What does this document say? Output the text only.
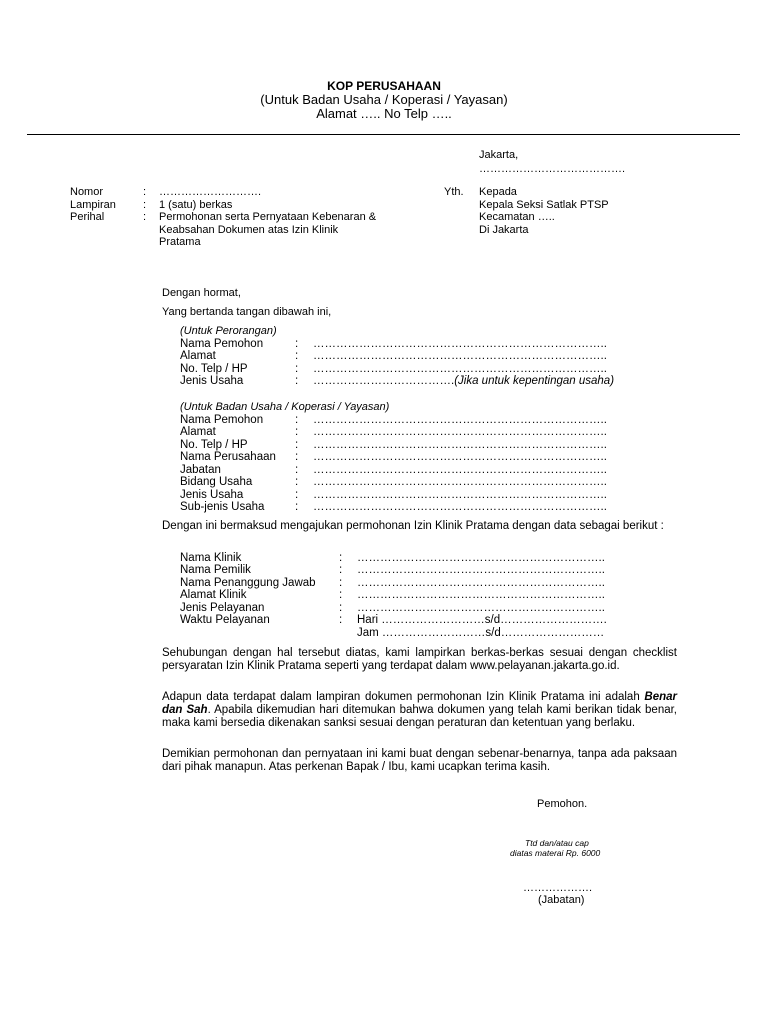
KOP PERUSAHAAN
(Untuk Badan Usaha / Koperasi / Yayasan)
Alamat ….. No Telp …..
Jakarta,
………………………………….
Nomor	: ……………………….
Lampiran : 1 (satu) berkas
Perihal	: Permohonan serta Pernyataan Kebenaran &
Keabsahan Dokumen atas Izin Klinik
Pratama
Yth. Kepada
Kepala Seksi Satlak PTSP
Kecamatan …..
Di Jakarta
Dengan hormat,
Yang bertanda tangan dibawah ini,
(Untuk Perorangan)
Nama Pemohon	: …………………………………………………………………..
Alamat	: …………………………………………………………………..
No. Telp / HP	: …………………………………………………………………..
Jenis Usaha	: ……………………………….(Jika untuk kepentingan usaha)
(Untuk Badan Usaha / Koperasi / Yayasan)
Nama Pemohon	: …………………………………………………………………..
Alamat	: …………………………………………………………………..
No. Telp / HP	: …………………………………………………………………..
Nama Perusahaan : …………………………………………………………………..
Jabatan	: …………………………………………………………………..
Bidang Usaha	: …………………………………………………………………..
Jenis Usaha	: …………………………………………………………………..
Sub-jenis Usaha	: …………………………………………………………………..
Dengan ini bermaksud mengajukan permohonan Izin Klinik Pratama dengan data sebagai berikut :
Nama Klinik	: ………………………………………………………..
Nama Pemilik	: ………………………………………………………..
Nama Penanggung Jawab : ………………………………………………………..
Alamat Klinik	: ………………………………………………………..
Jenis Pelayanan	: ………………………………………………………..
Waktu Pelayanan	: Hari ………………………s/d……………………….
Jam ………………………s/d………………………
Sehubungan dengan hal tersebut diatas, kami lampirkan berkas-berkas sesuai dengan checklist persyaratan Izin Klinik Pratama seperti yang terdapat dalam www.pelayanan.jakarta.go.id.
Adapun data terdapat dalam lampiran dokumen permohonan Izin Klinik Pratama ini adalah Benar dan Sah. Apabila dikemudian hari ditemukan bahwa dokumen yang telah kami berikan tidak benar, maka kami bersedia dikenakan sanksi sesuai dengan peraturan dan ketentuan yang berlaku.
Demikian permohonan dan pernyataan ini kami buat dengan sebenar-benarnya, tanpa ada paksaan dari pihak manapun. Atas perkenan Bapak / Ibu, kami ucapkan terima kasih.
Pemohon.
Ttd dan/atau cap
diatas materai Rp. 6000
……………….
(Jabatan)
